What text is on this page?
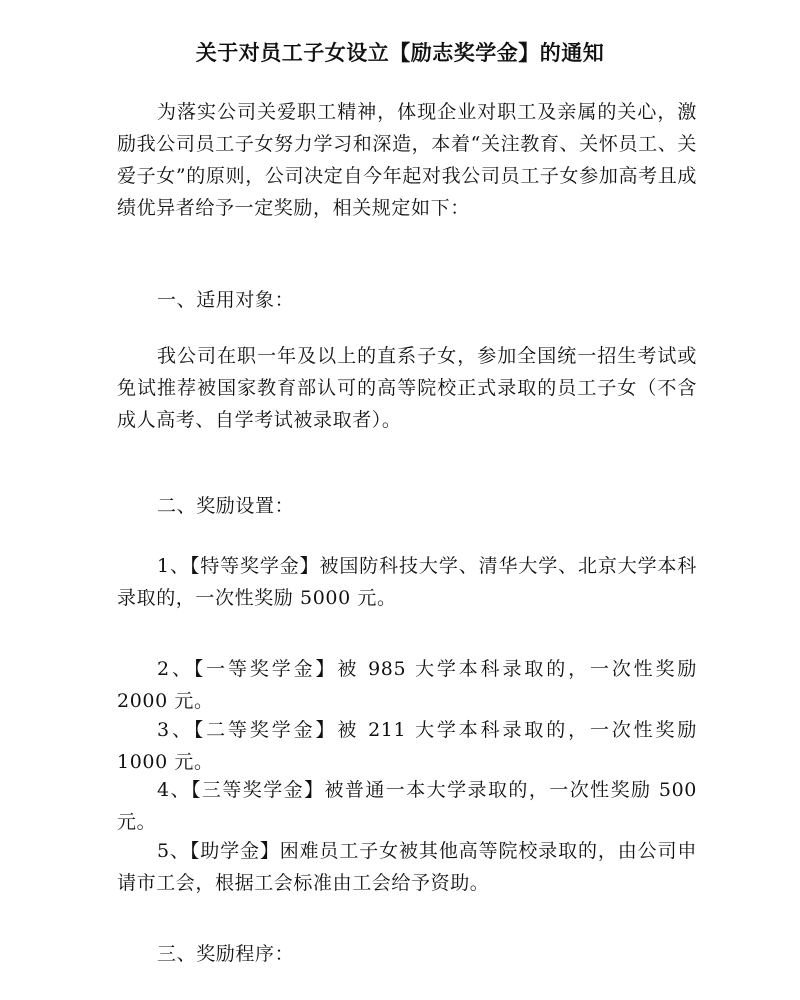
关于对员工子女设立【励志奖学金】的通知

为落实公司关爱职工精神，体现企业对职工及亲属的关心，激励我公司员工子女努力学习和深造，本着“关注教育、关怀员工、关爱子女”的原则，公司决定自今年起对我公司员工子女参加高考且成绩优异者给予一定奖励，相关规定如下：

一、适用对象：

我公司在职一年及以上的直系子女，参加全国统一招生考试或免试推荐被国家教育部认可的高等院校正式录取的员工子女（不含成人高考、自学考试被录取者）。

二、奖励设置：

1、【特等奖学金】被国防科技大学、清华大学、北京大学本科录取的，一次性奖励 5000 元。

2、【一等奖学金】被 985 大学本科录取的，一次性奖励 2000 元。

3、【二等奖学金】被 211 大学本科录取的，一次性奖励 1000 元。

4、【三等奖学金】被普通一本大学录取的，一次性奖励 500 元。

5、【助学金】困难员工子女被其他高等院校录取的，由公司申请市工会，根据工会标准由工会给予资助。

三、奖励程序：
